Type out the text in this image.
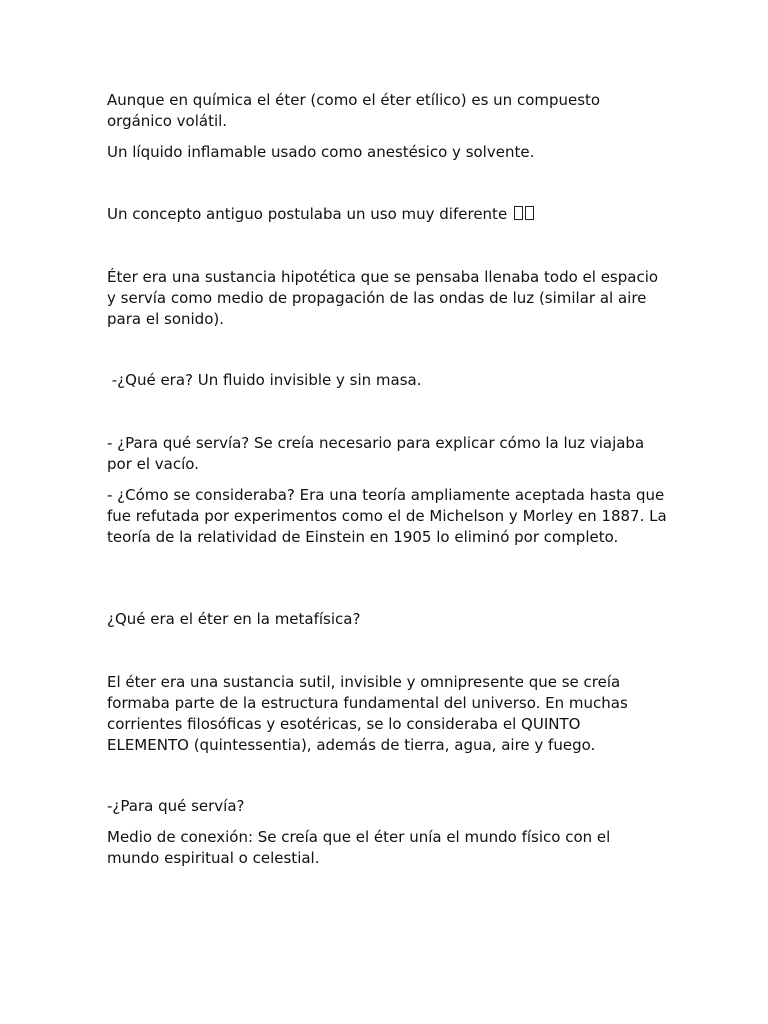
Aunque en química el éter (como el éter etílico) es un compuesto orgánico volátil.

Un líquido inflamable usado como anestésico y solvente.

Un concepto antiguo postulaba un uso muy diferente

Éter era una sustancia hipotética que se pensaba llenaba todo el espacio y servía como medio de propagación de las ondas de luz (similar al aire para el sonido).

-¿Qué era? Un fluido invisible y sin masa.

- ¿Para qué servía? Se creía necesario para explicar cómo la luz viajaba por el vacío.

- ¿Cómo se consideraba? Era una teoría ampliamente aceptada hasta que fue refutada por experimentos como el de Michelson y Morley en 1887. La teoría de la relatividad de Einstein en 1905 lo eliminó por completo.

¿Qué era el éter en la metafísica?

El éter era una sustancia sutil, invisible y omnipresente que se creía formaba parte de la estructura fundamental del universo. En muchas corrientes filosóficas y esotéricas, se lo consideraba el QUINTO ELEMENTO (quintessentia), además de tierra, agua, aire y fuego.

-¿Para qué servía?

Medio de conexión: Se creía que el éter unía el mundo físico con el mundo espiritual o celestial.
